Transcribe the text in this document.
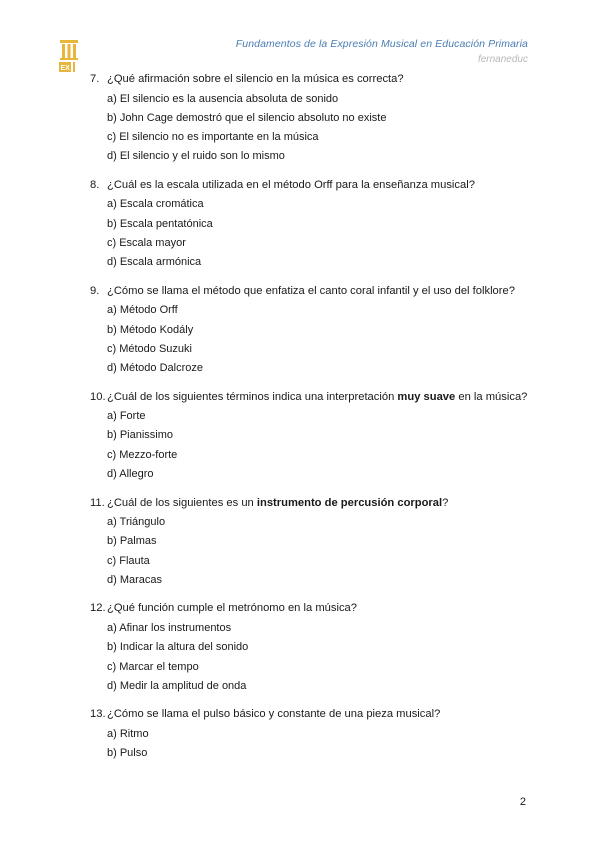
EX
Fundamentos de la Expresión Musical en Educación Primaria
fernaneduc
7. ¿Qué afirmación sobre el silencio en la música es correcta?
a) El silencio es la ausencia absoluta de sonido
b) John Cage demostró que el silencio absoluto no existe
c) El silencio no es importante en la música
d) El silencio y el ruido son lo mismo
8. ¿Cuál es la escala utilizada en el método Orff para la enseñanza musical?
a) Escala cromática
b) Escala pentatónica
c) Escala mayor
d) Escala armónica
9. ¿Cómo se llama el método que enfatiza el canto coral infantil y el uso del folklore?
a) Método Orff
b) Método Kodály
c) Método Suzuki
d) Método Dalcroze
10. ¿Cuál de los siguientes términos indica una interpretación muy suave en la música?
a) Forte
b) Pianissimo
c) Mezzo-forte
d) Allegro
11. ¿Cuál de los siguientes es un instrumento de percusión corporal?
a) Triángulo
b) Palmas
c) Flauta
d) Maracas
12. ¿Qué función cumple el metrónomo en la música?
a) Afinar los instrumentos
b) Indicar la altura del sonido
c) Marcar el tempo
d) Medir la amplitud de onda
13. ¿Cómo se llama el pulso básico y constante de una pieza musical?
a) Ritmo
b) Pulso
2
